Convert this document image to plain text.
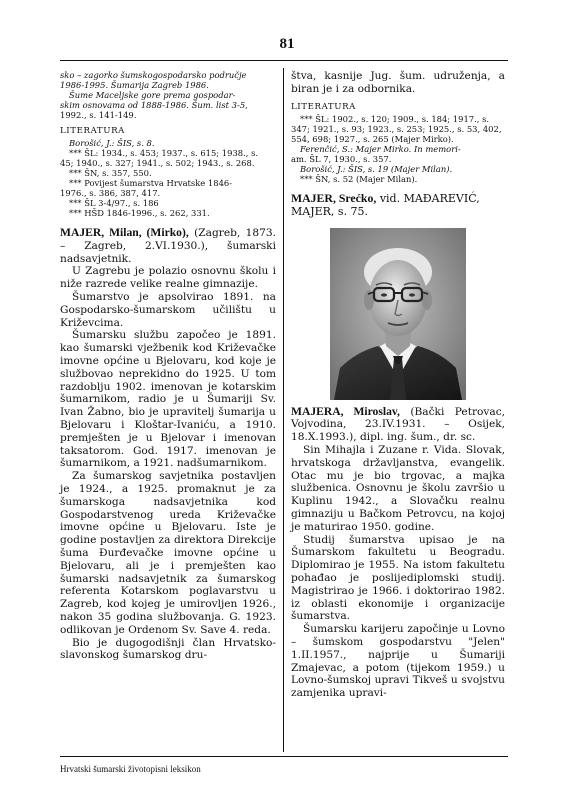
81

sko – zagorko šumskogospodarsko područje

1986-1995. Šumarija Zagreb 1986.

Šume Maceljske gore prema gospodar-

skim osnovama od 1888-1986. Šum. list 3-5,

1992., s. 141-149.

LITERATURA

Borošić, J.: ŠIS, s. 8.

*** ŠL: 1934., s. 453; 1937., s. 615; 1938., s.

45; 1940., s. 327; 1941., s. 502; 1943., s. 268.

*** ŠN, s. 357, 550.

*** Povijest šumarstva Hrvatske 1846-

1976., s. 386, 387, 417.

*** ŠL 3-4/97., s. 186

*** HŠD 1846-1996., s. 262, 331.

MAJER, Milan, (Mirko), (Zagreb, 1873. – Zagreb, 2.VI.1930.), šumarski nadsavjetnik.

U Zagrebu je polazio osnovnu školu i niže razrede velike realne gimnazije.

Šumarstvo je apsolvirao 1891. na Gospodarsko-šumarskom učilištu u Križevcima.

Šumarsku službu započeo je 1891. kao šumarski vježbenik kod Križevačke imovne općine u Bjelovaru, kod koje je službovao neprekidno do 1925. U tom razdoblju 1902. imenovan je kotarskim šumarnikom, radio je u Šumariji Sv. Ivan Žabno, bio je upravitelj šumarija u Bjelovaru i Kloštar-Ivaniću, a 1910. premješten je u Bjelovar i imenovan taksatorom. God. 1917. imenovan je šumarnikom, a 1921. nadšumarnikom.

Za šumarskog savjetnika postavljen je 1924., a 1925. promaknut je za šumarskoga nadsavjetnika kod Gospodarstvenog ureda Križevačke imovne općine u Bjelovaru. Iste je godine postavljen za direktora Direkcije šuma Đurđevačke imovne općine u Bjelovaru, ali je i premješten kao šumarski nadsavjetnik za šumarskog referenta Kotarskom poglavarstvu u Zagreb, kod kojeg je umirovljen 1926., nakon 35 godina službovanja. G. 1923. odlikovan je Ordenom Sv. Save 4. reda.

Bio je dugogodišnji član Hrvatsko-slavonskog šumarskog dru-

štva, kasnije Jug. šum. udruženja, a biran je i za odbornika.

LITERATURA

*** ŠL: 1902., s. 120; 1909., s. 184; 1917., s.

347; 1921., s. 93; 1923., s. 253; 1925., s. 53, 402,

554, 698; 1927., s. 265 (Majer Mirko).

Ferenčić, S.: Majer Mirko. In memori-

am. ŠL 7, 1930., s. 357.

Borošić, J.: ŠIS, s. 19 (Majer Milan).

*** ŠN, s. 52 (Majer Milan).

MAJER, Srećko, vid. MAĐAREVIĆ, MAJER, s. 75.

MAJERA, Miroslav, (Bački Petrovac, Vojvodina, 23.IV.1931. – Osijek, 18.X.1993.), dipl. ing. šum., dr. sc.

Sin Mihajla i Zuzane r. Vida. Slovak, hrvatskoga državljanstva, evangelik. Otac mu je bio trgovac, a majka službenica. Osnovnu je školu završio u Kuplinu 1942., a Slovačku realnu gimnaziju u Bačkom Petrovcu, na kojoj je maturirao 1950. godine.

Studij šumarstva upisao je na Šumarskom fakultetu u Beogradu. Diplomirao je 1955. Na istom fakultetu pohađao je poslijediplomski studij. Magistrirao je 1966. i doktorirao 1982. iz oblasti ekonomije i organizacije šumarstva.

Šumarsku karijeru započinje u Lovno – šumskom gospodarstvu "Jelen" 1.II.1957., najprije u Šumariji Zmajevac, a potom (tijekom 1959.) u Lovno-šumskoj upravi Tikveš u svojstvu zamjenika upravi-

Hrvatski šumarski životopisni leksikon
